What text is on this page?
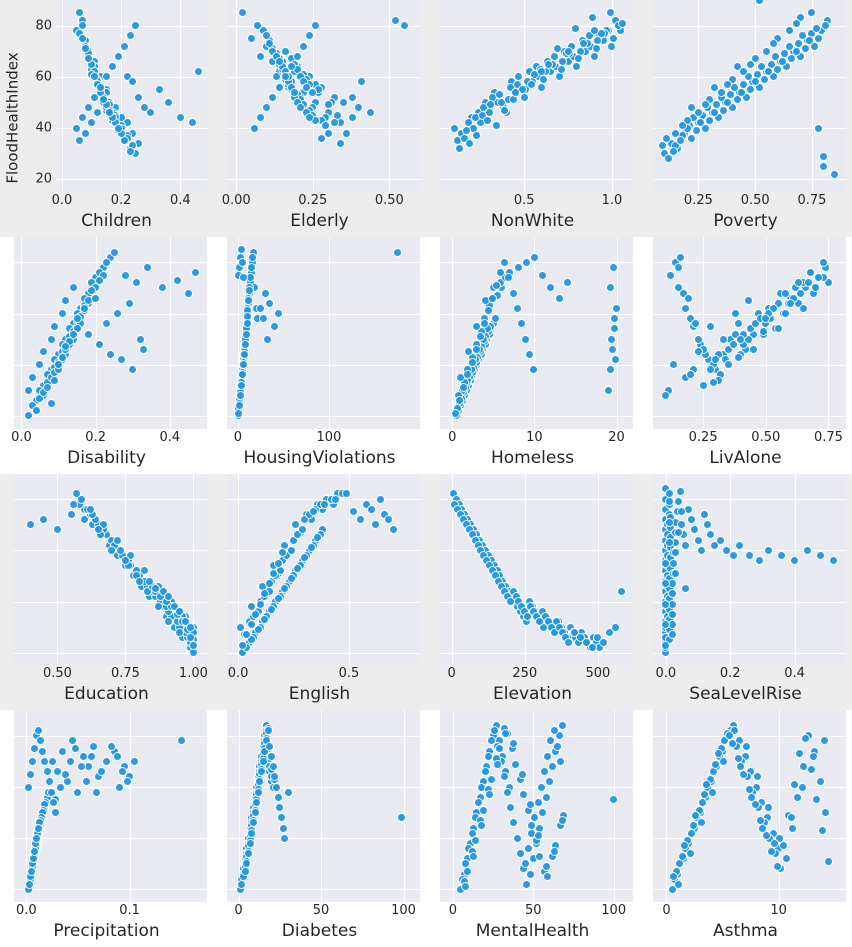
FloodHealthIndex 20
40
60
80
0.0	0.2	0.4
Children
0.00	0.25	0.50
Elderly
0.5	1.0
NonWhite
0.25 0.50 0.75
Poverty
0.0	0.2	0.4
Disability
0	100
HousingViolations
0	10	20
Homeless
0.25	0.50	0.75
LivAlone
0.50	0.75	1.00
Education
0.0	0.5
English
0	250	500
Elevation
0.0	0.2	0.4
SeaLevelRise
0.0	0.1
Precipitation
0	50	100
Diabetes
0	50	100
MentalHealth
0	10
Asthma
